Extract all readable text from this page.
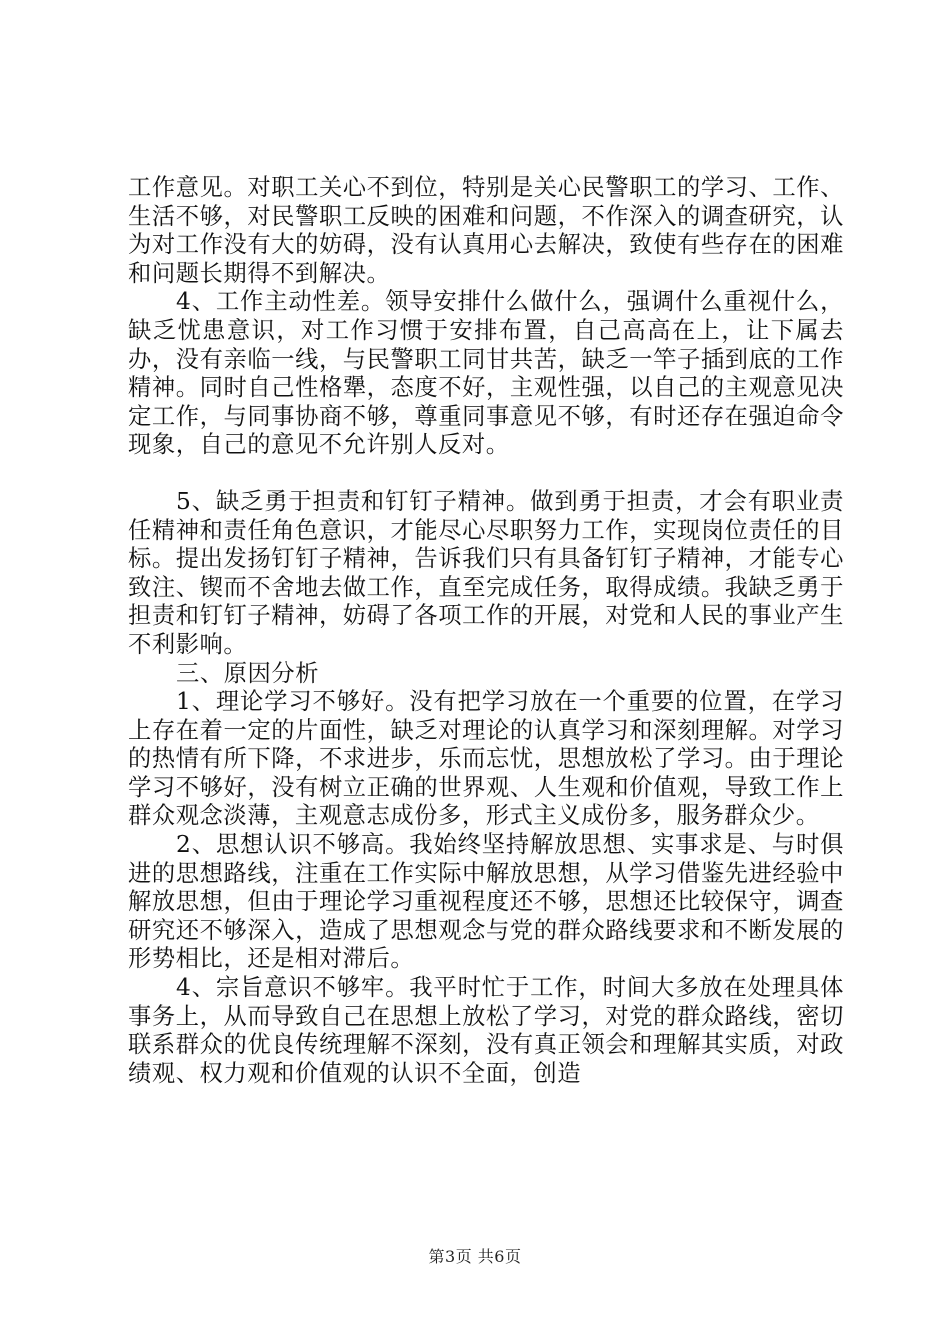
工作意见。对职工关心不到位，特别是关心民警职工的学习、工作、生活不够，对民警职工反映的困难和问题，不作深入的调查研究，认为对工作没有大的妨碍，没有认真用心去解决，致使有些存在的困难和问题长期得不到解决。

4、工作主动性差。领导安排什么做什么，强调什么重视什么，缺乏忧患意识，对工作习惯于安排布置，自己高高在上，让下属去办，没有亲临一线，与民警职工同甘共苦，缺乏一竿子插到底的工作精神。同时自己性格犟，态度不好，主观性强，以自己的主观意见决定工作，与同事协商不够，尊重同事意见不够，有时还存在强迫命令现象，自己的意见不允许别人反对。

5、缺乏勇于担责和钉钉子精神。做到勇于担责，才会有职业责任精神和责任角色意识，才能尽心尽职努力工作，实现岗位责任的目标。提出发扬钉钉子精神，告诉我们只有具备钉钉子精神，才能专心致注、锲而不舍地去做工作，直至完成任务，取得成绩。我缺乏勇于担责和钉钉子精神，妨碍了各项工作的开展，对党和人民的事业产生不利影响。

三、原因分析

1、理论学习不够好。没有把学习放在一个重要的位置，在学习上存在着一定的片面性，缺乏对理论的认真学习和深刻理解。对学习的热情有所下降，不求进步，乐而忘忧，思想放松了学习。由于理论学习不够好，没有树立正确的世界观、人生观和价值观，导致工作上群众观念淡薄，主观意志成份多，形式主义成份多，服务群众少。

2、思想认识不够高。我始终坚持解放思想、实事求是、与时俱进的思想路线，注重在工作实际中解放思想，从学习借鉴先进经验中解放思想，但由于理论学习重视程度还不够，思想还比较保守，调查研究还不够深入，造成了思想观念与党的群众路线要求和不断发展的形势相比，还是相对滞后。

4、宗旨意识不够牢。我平时忙于工作，时间大多放在处理具体事务上，从而导致自己在思想上放松了学习，对党的群众路线，密切联系群众的优良传统理解不深刻，没有真正领会和理解其实质，对政绩观、权力观和价值观的认识不全面，创造

第3页 共6页
